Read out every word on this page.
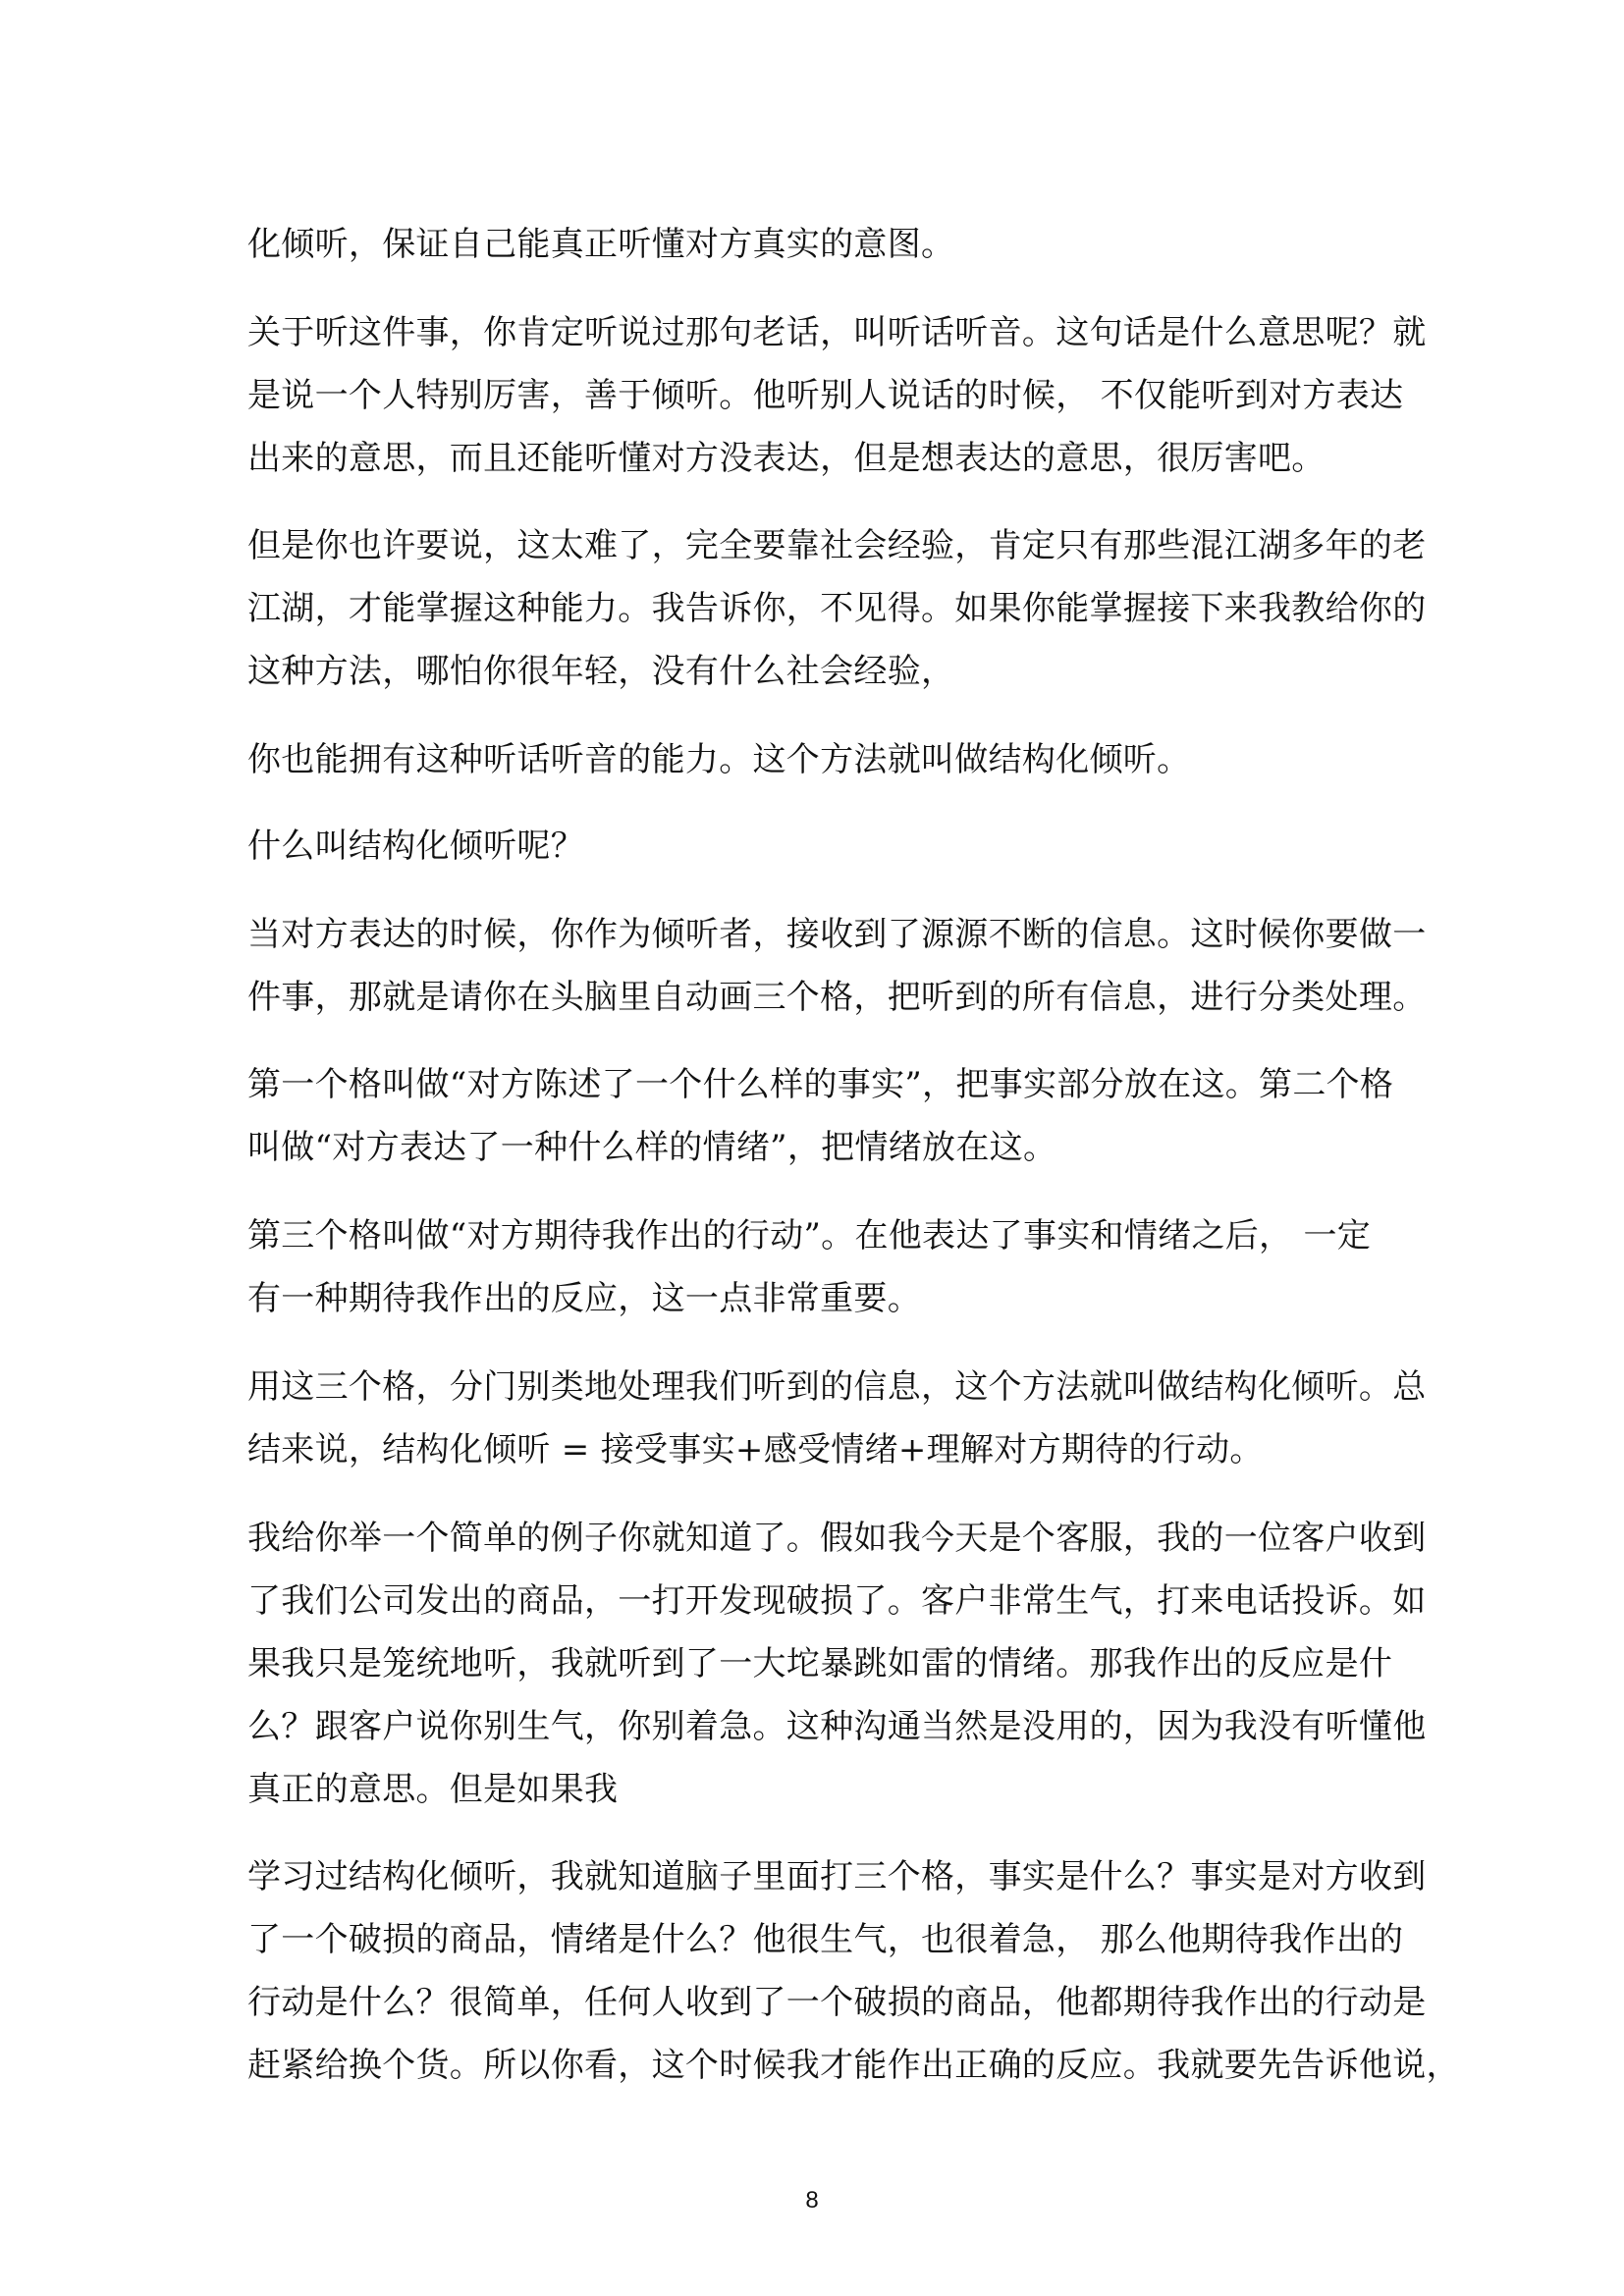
化倾听，保证自己能真正听懂对方真实的意图。
关于听这件事，你肯定听说过那句老话，叫听话听音。这句话是什么意思呢？就
是说一个人特别厉害，善于倾听。他听别人说话的时候， 不仅能听到对方表达
出来的意思，而且还能听懂对方没表达，但是想表达的意思，很厉害吧。
但是你也许要说，这太难了，完全要靠社会经验，肯定只有那些混江湖多年的老
江湖，才能掌握这种能力。我告诉你，不见得。如果你能掌握接下来我教给你的
这种方法，哪怕你很年轻，没有什么社会经验，
你也能拥有这种听话听音的能力。这个方法就叫做结构化倾听。
什么叫结构化倾听呢？
当对方表达的时候，你作为倾听者，接收到了源源不断的信息。这时候你要做一
件事，那就是请你在头脑里自动画三个格，把听到的所有信息，进行分类处理。
第一个格叫做“对方陈述了一个什么样的事实”，把事实部分放在这。第二个格
叫做“对方表达了一种什么样的情绪”，把情绪放在这。
第三个格叫做“对方期待我作出的行动”。在他表达了事实和情绪之后， 一定
有一种期待我作出的反应，这一点非常重要。
用这三个格，分门别类地处理我们听到的信息，这个方法就叫做结构化倾听。总
结来说，结构化倾听 = 接受事实+感受情绪+理解对方期待的行动。
我给你举一个简单的例子你就知道了。假如我今天是个客服，我的一位客户收到
了我们公司发出的商品，一打开发现破损了。客户非常生气，打来电话投诉。如
果我只是笼统地听，我就听到了一大坨暴跳如雷的情绪。那我作出的反应是什
么？跟客户说你别生气，你别着急。这种沟通当然是没用的，因为我没有听懂他
真正的意思。但是如果我
学习过结构化倾听，我就知道脑子里面打三个格，事实是什么？事实是对方收到
了一个破损的商品，情绪是什么？他很生气，也很着急， 那么他期待我作出的
行动是什么？很简单，任何人收到了一个破损的商品，他都期待我作出的行动是
赶紧给换个货。所以你看，这个时候我才能作出正确的反应。我就要先告诉他说，
8
